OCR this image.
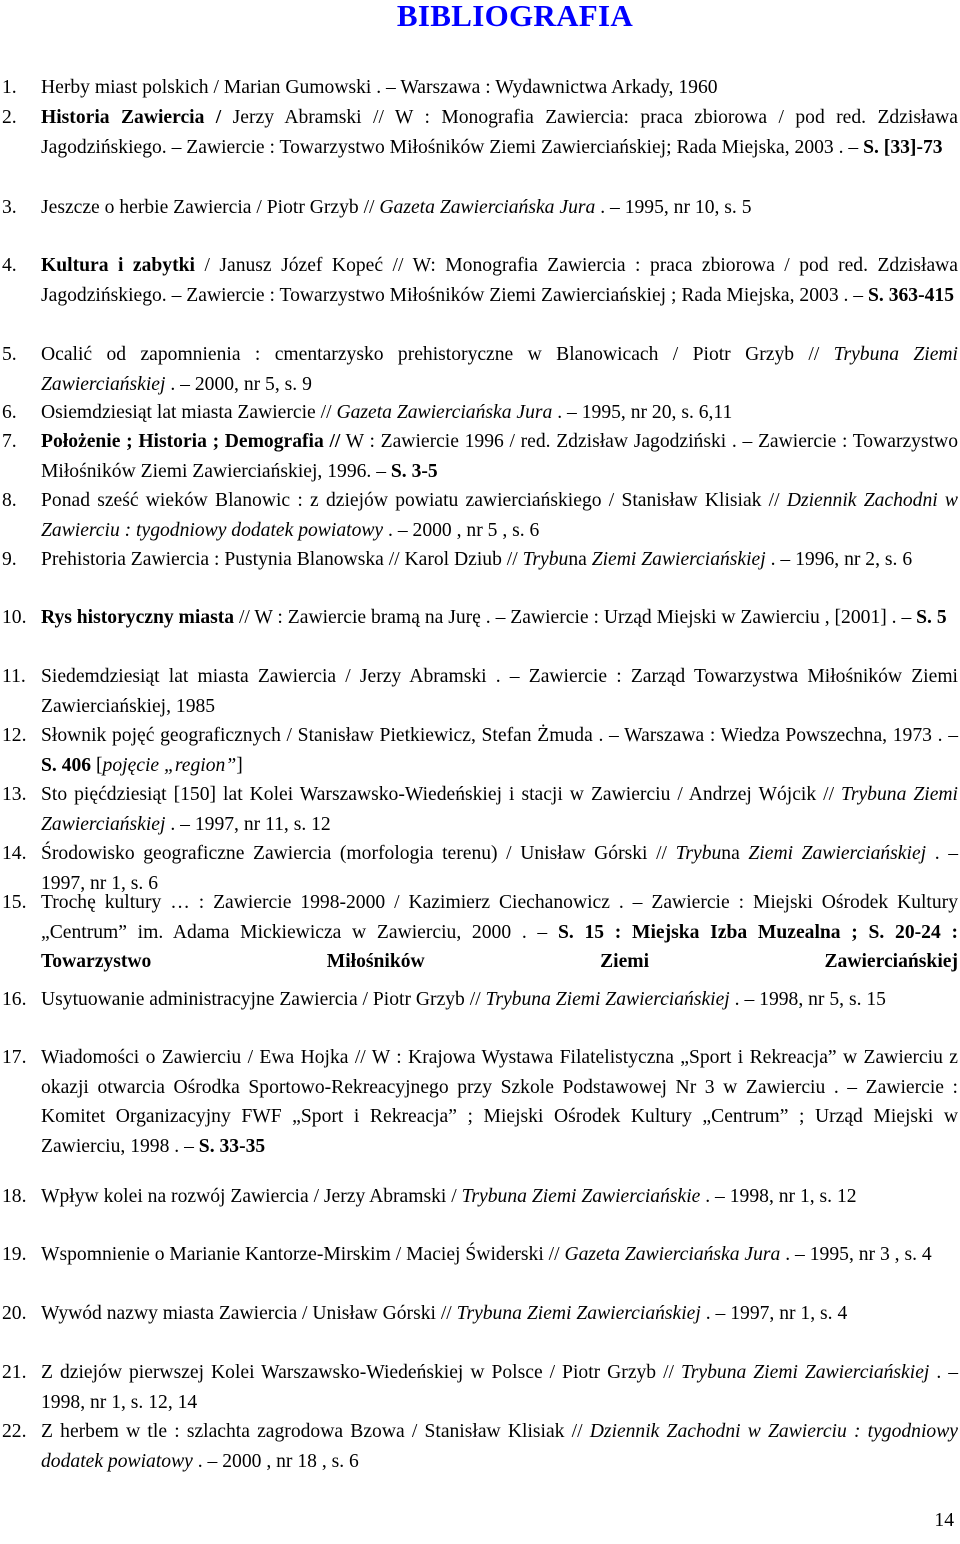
BIBLIOGRAFIA
1. Herby miast polskich / Marian Gumowski . – Warszawa : Wydawnictwa Arkady, 1960
2. Historia Zawiercia / Jerzy Abramski // W : Monografia Zawiercia: praca zbiorowa / pod red. Zdzisława Jagodzińskiego. – Zawiercie : Towarzystwo Miłośników Ziemi Zawierciańskiej; Rada Miejska, 2003 . – S. [33]-73
3. Jeszcze o herbie Zawiercia / Piotr Grzyb // Gazeta Zawierciańska Jura . – 1995, nr 10, s. 5
4. Kultura i zabytki / Janusz Józef Kopeć // W: Monografia Zawiercia : praca zbiorowa / pod red. Zdzisława Jagodzińskiego. – Zawiercie : Towarzystwo Miłośników Ziemi Zawierciańskiej ; Rada Miejska, 2003 . – S. 363-415
5. Ocalić od zapomnienia : cmentarzysko prehistoryczne w Blanowicach / Piotr Grzyb // Trybuna Ziemi Zawierciańskiej . – 2000, nr 5, s. 9
6. Osiemdziesiąt lat miasta Zawiercie // Gazeta Zawierciańska Jura . – 1995, nr 20, s. 6,11
7. Położenie ; Historia ; Demografia // W : Zawiercie 1996 / red. Zdzisław Jagodziński . – Zawiercie : Towarzystwo Miłośników Ziemi Zawierciańskiej, 1996. – S. 3-5
8. Ponad sześć wieków Blanowic : z dziejów powiatu zawierciańskiego / Stanisław Klisiak // Dziennik Zachodni w Zawierciu : tygodniowy dodatek powiatowy . – 2000 , nr 5 , s. 6
9. Prehistoria Zawiercia : Pustynia Blanowska // Karol Dziub // Trybuna Ziemi Zawierciańskiej . – 1996, nr 2, s. 6
10. Rys historyczny miasta // W : Zawiercie bramą na Jurę . – Zawiercie : Urząd Miejski w Zawierciu , [2001] . – S. 5
11. Siedemdziesiąt lat miasta Zawiercia / Jerzy Abramski . – Zawiercie : Zarząd Towarzystwa Miłośników Ziemi Zawierciańskiej, 1985
12. Słownik pojęć geograficznych / Stanisław Pietkiewicz, Stefan Żmuda . – Warszawa : Wiedza Powszechna, 1973 . – S. 406 [pojęcie „region”]
13. Sto pięćdziesiąt [150] lat Kolei Warszawsko-Wiedeńskiej i stacji w Zawierciu / Andrzej Wójcik // Trybuna Ziemi Zawierciańskiej . – 1997, nr 11, s. 12
14. Środowisko geograficzne Zawiercia (morfologia terenu) / Unisław Górski // Trybuna Ziemi Zawierciańskiej . – 1997, nr 1, s. 6
15. Trochę kultury … : Zawiercie 1998-2000 / Kazimierz Ciechanowicz . – Zawiercie : Miejski Ośrodek Kultury „Centrum” im. Adama Mickiewicza w Zawierciu, 2000 . – S. 15 : Miejska Izba Muzealna ; S. 20-24 : Towarzystwo Miłośników Ziemi Zawierciańskiej
16. Usytuowanie administracyjne Zawiercia / Piotr Grzyb // Trybuna Ziemi Zawierciańskiej . – 1998, nr 5, s. 15
17. Wiadomości o Zawierciu / Ewa Hojka // W : Krajowa Wystawa Filatelistyczna „Sport i Rekreacja” w Zawierciu z okazji otwarcia Ośrodka Sportowo-Rekreacyjnego przy Szkole Podstawowej Nr 3 w Zawierciu . – Zawiercie : Komitet Organizacyjny FWF „Sport i Rekreacja” ; Miejski Ośrodek Kultury „Centrum” ; Urząd Miejski w Zawierciu, 1998 . – S. 33-35
18. Wpływ kolei na rozwój Zawiercia / Jerzy Abramski / Trybuna Ziemi Zawierciańskie . – 1998, nr 1, s. 12
19. Wspomnienie o Marianie Kantorze-Mirskim / Maciej Świderski // Gazeta Zawierciańska Jura . – 1995, nr 3 , s. 4
20. Wywód nazwy miasta Zawiercia / Unisław Górski // Trybuna Ziemi Zawierciańskiej . – 1997, nr 1, s. 4
21. Z dziejów pierwszej Kolei Warszawsko-Wiedeńskiej w Polsce / Piotr Grzyb // Trybuna Ziemi Zawierciańskiej . – 1998, nr 1, s. 12, 14
22. Z herbem w tle : szlachta zagrodowa Bzowa / Stanisław Klisiak // Dziennik Zachodni w Zawierciu : tygodniowy dodatek powiatowy . – 2000 , nr 18 , s. 6
14
